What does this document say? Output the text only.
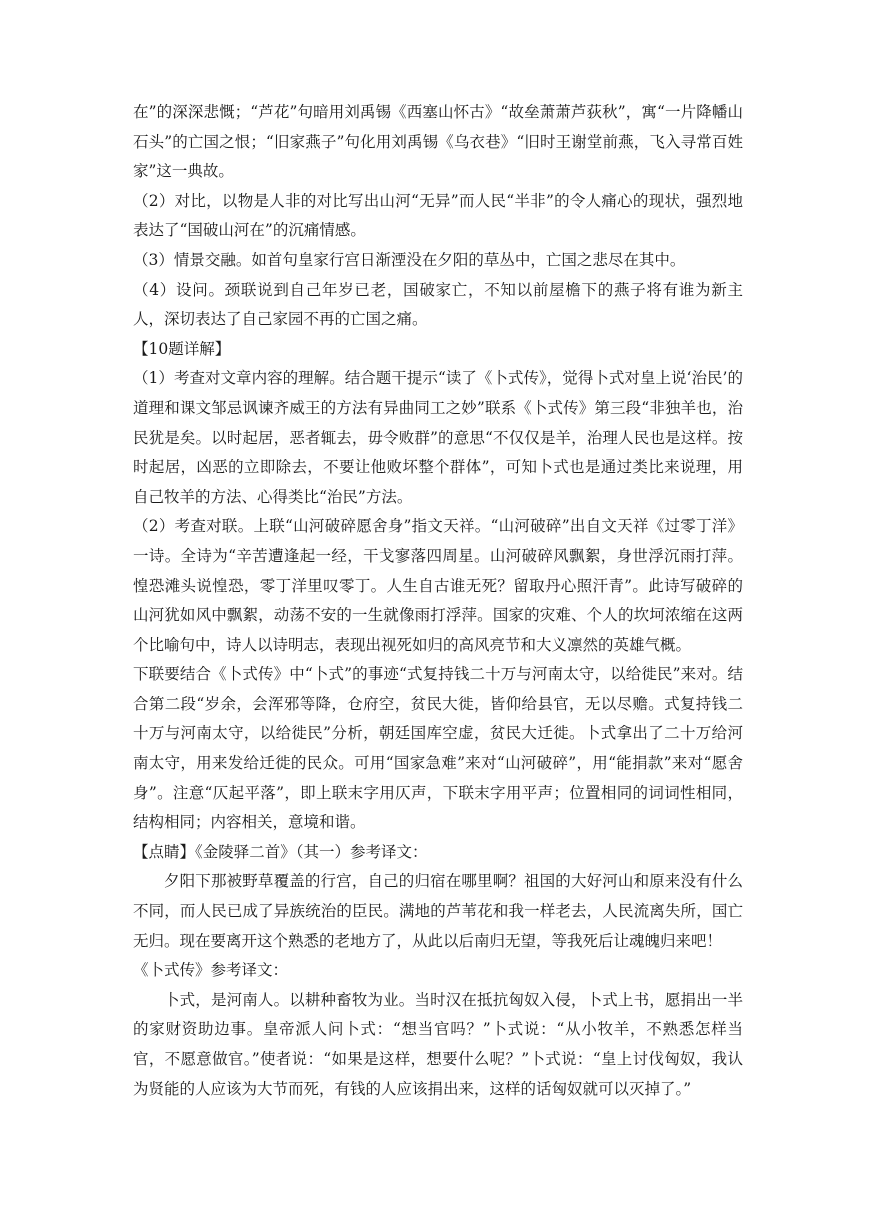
在”的深深悲慨；“芦花”句暗用刘禹锡《西塞山怀古》“故垒萧萧芦荻秋”，寓“一片降幡山石头”的亡国之恨；“旧家燕子”句化用刘禹锡《乌衣巷》“旧时王谢堂前燕，飞入寻常百姓家”这一典故。

（2）对比，以物是人非的对比写出山河“无异”而人民“半非”的令人痛心的现状，强烈地表达了“国破山河在”的沉痛情感。

（3）情景交融。如首句皇家行宫日渐湮没在夕阳的草丛中，亡国之悲尽在其中。

（4）设问。颈联说到自己年岁已老，国破家亡，不知以前屋檐下的燕子将有谁为新主人，深切表达了自己家园不再的亡国之痛。

【10题详解】

（1）考查对文章内容的理解。结合题干提示“读了《卜式传》，觉得卜式对皇上说‘治民’的道理和课文邹忌讽谏齐威王的方法有异曲同工之妙”联系《卜式传》第三段“非独羊也，治民犹是矣。以时起居，恶者辄去，毋令败群”的意思“不仅仅是羊，治理人民也是这样。按时起居，凶恶的立即除去，不要让他败坏整个群体”，可知卜式也是通过类比来说理，用自己牧羊的方法、心得类比“治民”方法。

（2）考查对联。上联“山河破碎愿舍身”指文天祥。“山河破碎”出自文天祥《过零丁洋》一诗。全诗为“辛苦遭逢起一经，干戈寥落四周星。山河破碎风飘絮，身世浮沉雨打萍。惶恐滩头说惶恐，零丁洋里叹零丁。人生自古谁无死？留取丹心照汗青”。此诗写破碎的山河犹如风中飘絮，动荡不安的一生就像雨打浮萍。国家的灾难、个人的坎坷浓缩在这两个比喻句中，诗人以诗明志，表现出视死如归的高风亮节和大义凛然的英雄气概。

下联要结合《卜式传》中“卜式”的事迹“式复持钱二十万与河南太守，以给徙民”来对。结合第二段“岁余，会浑邪等降，仓府空，贫民大徙，皆仰给县官，无以尽赡。式复持钱二十万与河南太守，以给徙民”分析，朝廷国库空虚，贫民大迁徙。卜式拿出了二十万给河南太守，用来发给迁徙的民众。可用“国家急难”来对“山河破碎”，用“能捐款”来对“愿舍身”。注意“仄起平落”，即上联末字用仄声，下联末字用平声；位置相同的词词性相同，结构相同；内容相关，意境和谐。

【点睛】《金陵驿二首》（其一）参考译文：

夕阳下那被野草覆盖的行宫，自己的归宿在哪里啊？祖国的大好河山和原来没有什么不同，而人民已成了异族统治的臣民。满地的芦苇花和我一样老去，人民流离失所，国亡无归。现在要离开这个熟悉的老地方了，从此以后南归无望，等我死后让魂魄归来吧！

《卜式传》参考译文：

卜式，是河南人。以耕种畜牧为业。当时汉在抵抗匈奴入侵，卜式上书，愿捐出一半的家财资助边事。皇帝派人问卜式：“想当官吗？”卜式说：“从小牧羊，不熟悉怎样当官，不愿意做官。”使者说：“如果是这样，想要什么呢？”卜式说：“皇上讨伐匈奴，我认为贤能的人应该为大节而死，有钱的人应该捐出来，这样的话匈奴就可以灭掉了。”
